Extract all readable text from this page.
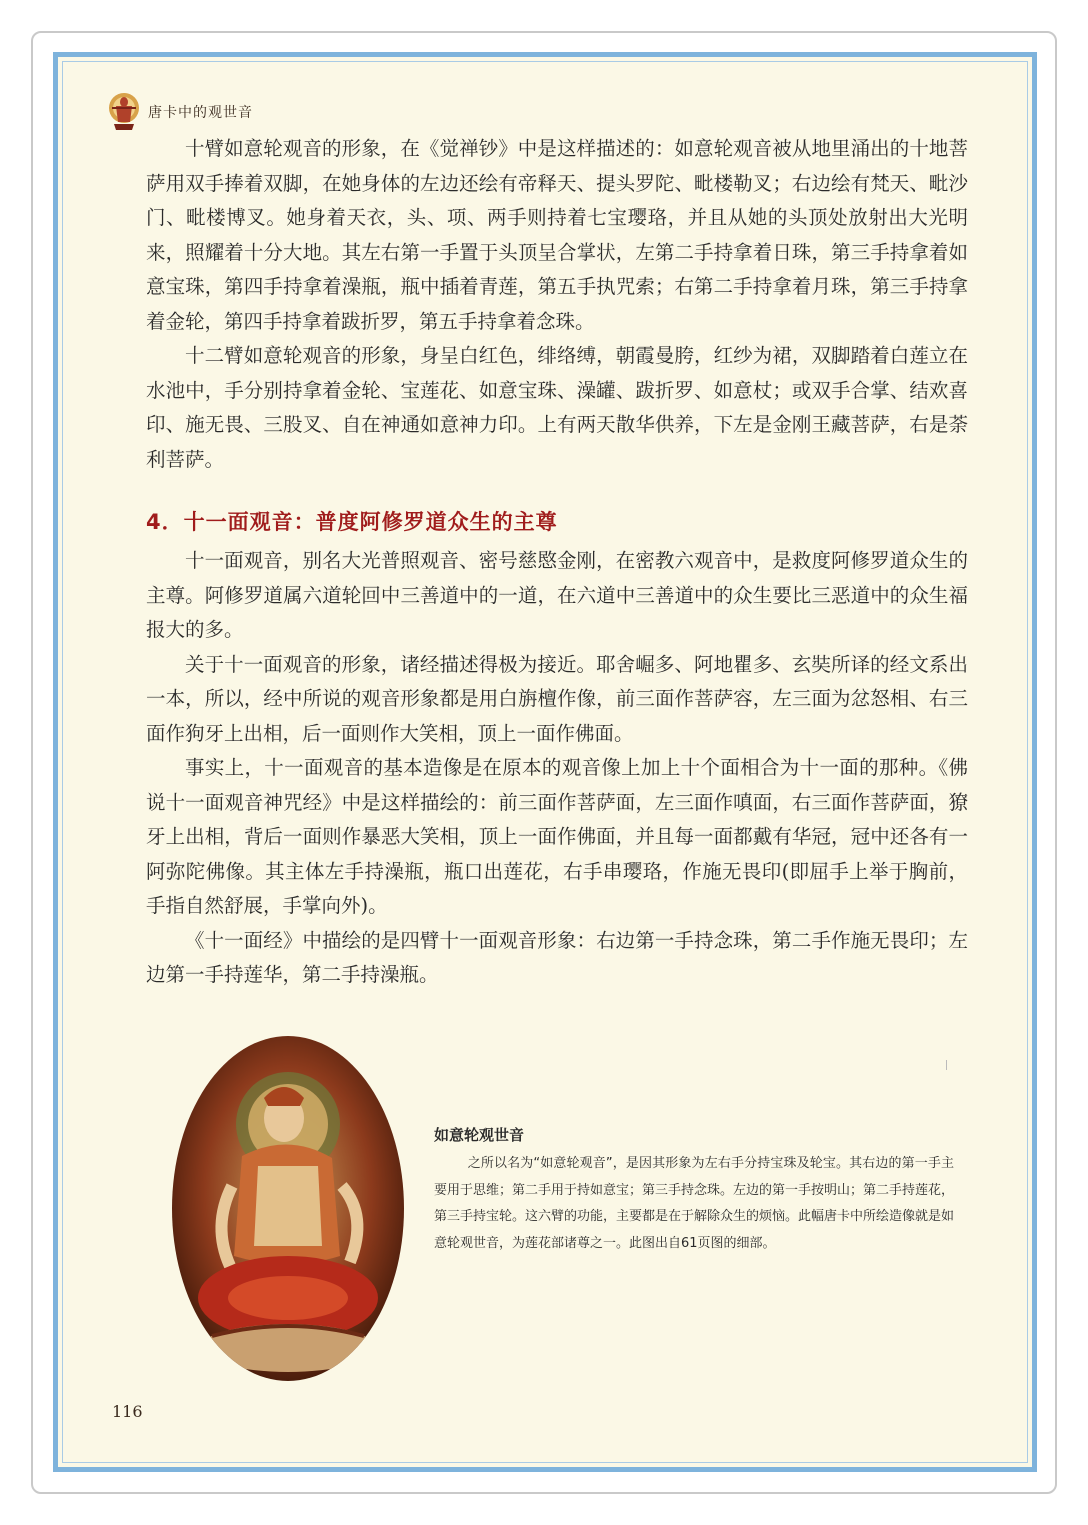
唐卡中的观世音

十臂如意轮观音的形象，在《觉禅钞》中是这样描述的：如意轮观音被从地里涌出的十地菩萨用双手捧着双脚，在她身体的左边还绘有帝释天、提头罗陀、毗楼勒叉；右边绘有梵天、毗沙门、毗楼博叉。她身着天衣，头、项、两手则持着七宝璎珞，并且从她的头顶处放射出大光明来，照耀着十分大地。其左右第一手置于头顶呈合掌状，左第二手持拿着日珠，第三手持拿着如意宝珠，第四手持拿着澡瓶，瓶中插着青莲，第五手执咒索；右第二手持拿着月珠，第三手持拿着金轮，第四手持拿着跋折罗，第五手持拿着念珠。

十二臂如意轮观音的形象，身呈白红色，绯络缚，朝霞曼胯，红纱为裙，双脚踏着白莲立在水池中，手分别持拿着金轮、宝莲花、如意宝珠、澡罐、跋折罗、如意杖；或双手合掌、结欢喜印、施无畏、三股叉、自在神通如意神力印。上有两天散华供养，下左是金刚王藏菩萨，右是荼利菩萨。

4．十一面观音：普度阿修罗道众生的主尊

十一面观音，别名大光普照观音、密号慈愍金刚，在密教六观音中，是救度阿修罗道众生的主尊。阿修罗道属六道轮回中三善道中的一道，在六道中三善道中的众生要比三恶道中的众生福报大的多。

关于十一面观音的形象，诸经描述得极为接近。耶舍崛多、阿地瞿多、玄奘所译的经文系出一本，所以，经中所说的观音形象都是用白旃檀作像，前三面作菩萨容，左三面为忿怒相、右三面作狗牙上出相，后一面则作大笑相，顶上一面作佛面。

事实上，十一面观音的基本造像是在原本的观音像上加上十个面相合为十一面的那种。《佛说十一面观音神咒经》中是这样描绘的：前三面作菩萨面，左三面作嗔面，右三面作菩萨面，獠牙上出相，背后一面则作暴恶大笑相，顶上一面作佛面，并且每一面都戴有华冠，冠中还各有一阿弥陀佛像。其主体左手持澡瓶，瓶口出莲花，右手串璎珞，作施无畏印(即屈手上举于胸前，手指自然舒展，手掌向外)。

《十一面经》中描绘的是四臂十一面观音形象：右边第一手持念珠，第二手作施无畏印；左边第一手持莲华，第二手持澡瓶。

如意轮观世音

之所以名为“如意轮观音”，是因其形象为左右手分持宝珠及轮宝。其右边的第一手主要用于思维；第二手用于持如意宝；第三手持念珠。左边的第一手按明山；第二手持莲花，第三手持宝轮。这六臂的功能，主要都是在于解除众生的烦恼。此幅唐卡中所绘造像就是如意轮观世音，为莲花部诸尊之一。此图出自61页图的细部。

116
